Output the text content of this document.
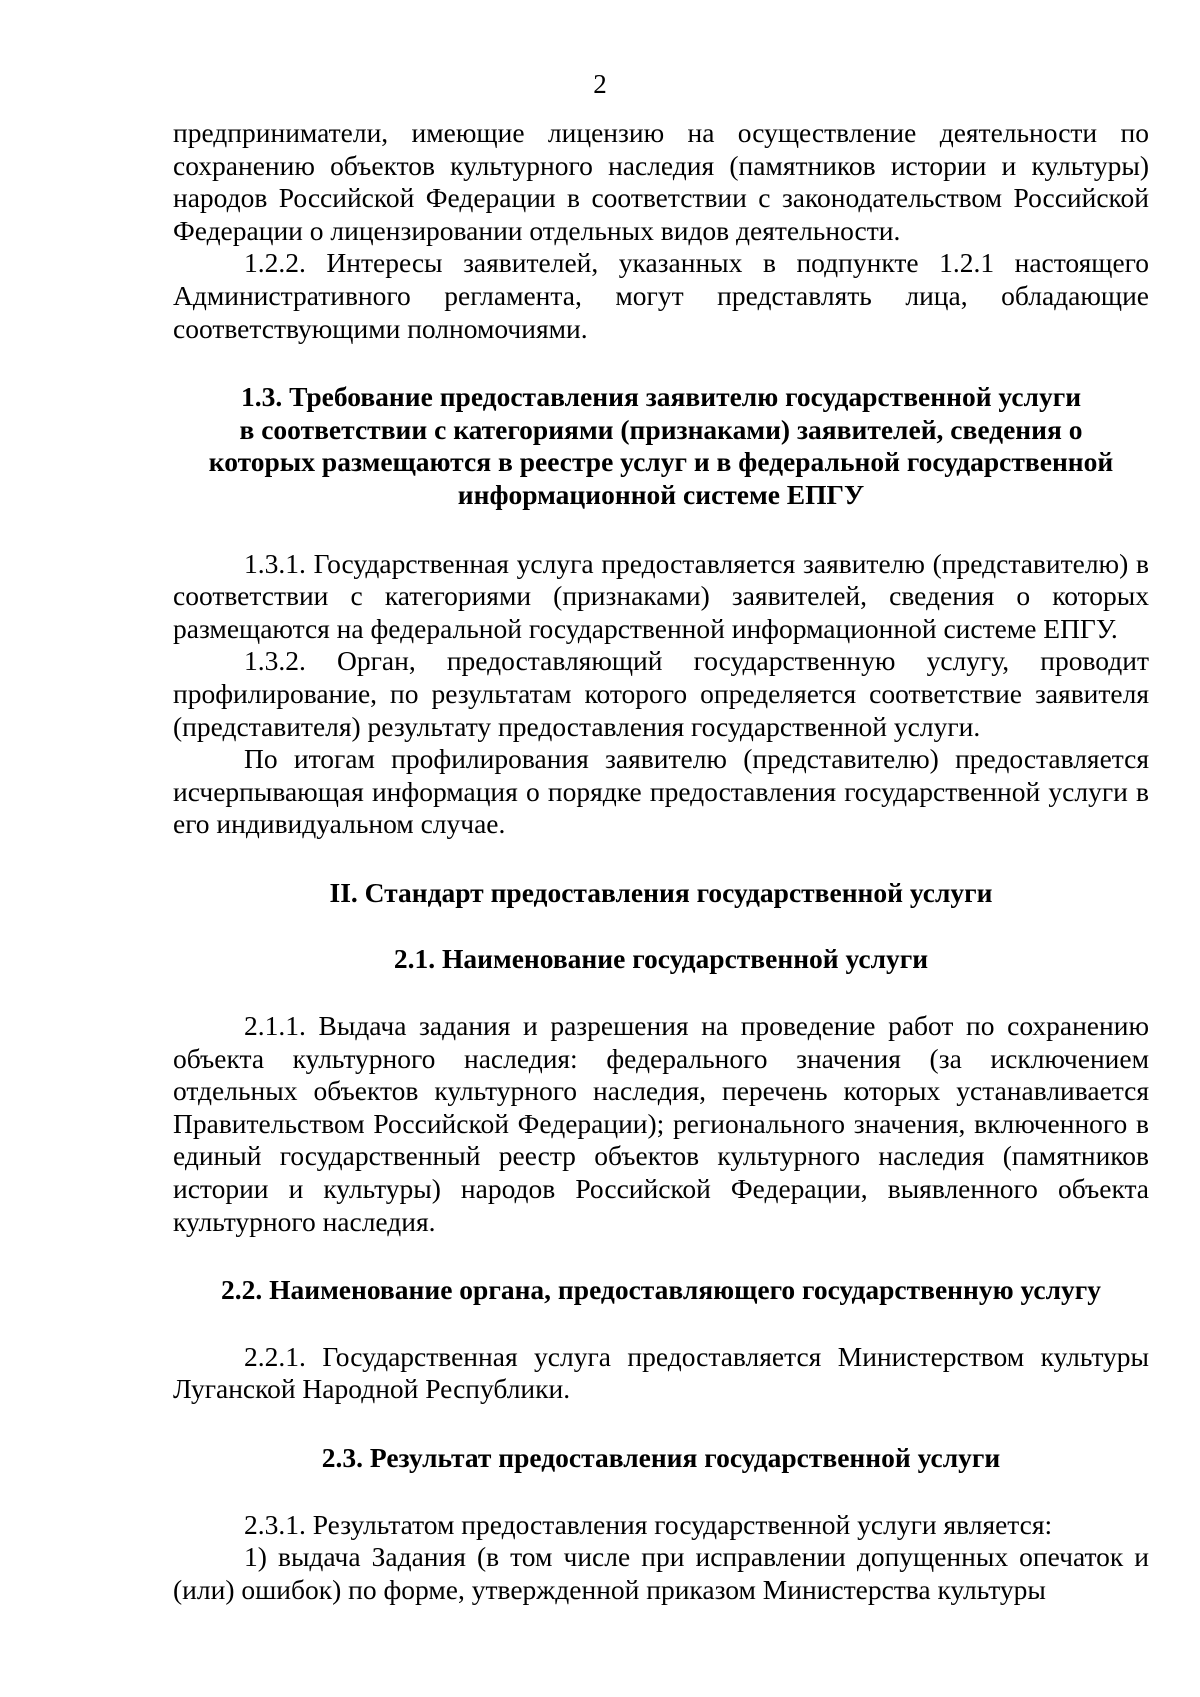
2

предприниматели, имеющие лицензию на осуществление деятельности по сохранению объектов культурного наследия (памятников истории и культуры) народов Российской Федерации в соответствии с законодательством Российской Федерации о лицензировании отдельных видов деятельности.

1.2.2. Интересы заявителей, указанных в подпункте 1.2.1 настоящего Административного регламента, могут представлять лица, обладающие соответствующими полномочиями.

1.3. Требование предоставления заявителю государственной услуги

в соответствии с категориями (признаками) заявителей, сведения о

которых размещаются в реестре услуг и в федеральной государственной

информационной системе ЕПГУ

1.3.1. Государственная услуга предоставляется заявителю (представителю) в соответствии с категориями (признаками) заявителей, сведения о которых размещаются на федеральной государственной информационной системе ЕПГУ.

1.3.2. Орган, предоставляющий государственную услугу, проводит профилирование, по результатам которого определяется соответствие заявителя (представителя) результату предоставления государственной услуги.

По итогам профилирования заявителю (представителю) предоставляется исчерпывающая информация о порядке предоставления государственной услуги в его индивидуальном случае.

II. Стандарт предоставления государственной услуги

2.1. Наименование государственной услуги

2.1.1. Выдача задания и разрешения на проведение работ по сохранению объекта культурного наследия: федерального значения (за исключением отдельных объектов культурного наследия, перечень которых устанавливается Правительством Российской Федерации); регионального значения, включенного в единый государственный реестр объектов культурного наследия (памятников истории и культуры) народов Российской Федерации, выявленного объекта культурного наследия.

2.2. Наименование органа, предоставляющего государственную услугу

2.2.1. Государственная услуга предоставляется Министерством культуры Луганской Народной Республики.

2.3. Результат предоставления государственной услуги

2.3.1. Результатом предоставления государственной услуги является:

1) выдача Задания (в том числе при исправлении допущенных опечаток и (или) ошибок) по форме, утвержденной приказом Министерства культуры
